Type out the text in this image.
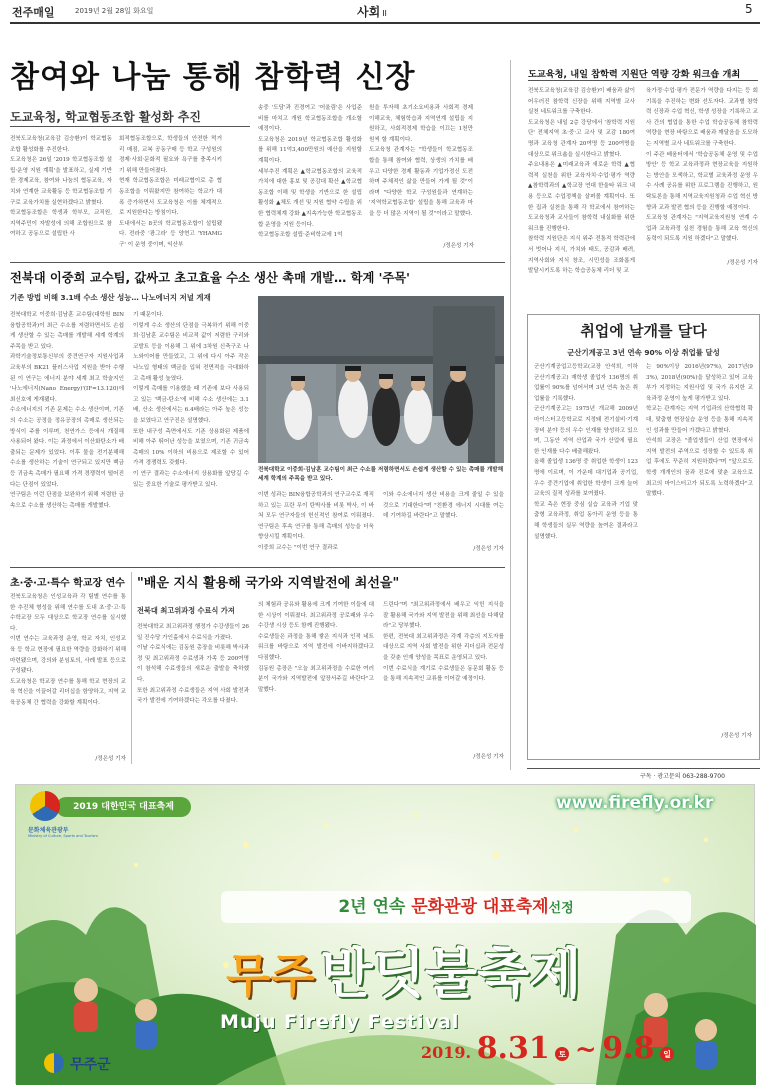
전주매일	2019년 2월 28일 화요일	사회 II	5
참여와 나눔 통해 참학력 신장
도교육청, 학교협동조합 활성화 추진
전북도교육청(교육감 김승환)이 학교협동조합 활성화를 추진한다.
도교육청은 26일 '2019 학교협동조합 설립·운영 지원 계획'을 발표하고, 실제 기반한 경제교육, 참여와 나눔의 협동교육, 자치와 연계한 교육활동 등 학교협동조합 기구로 교육가치를 실현하겠다고 밝혔다.
학교협동조합은 학생과 학부모, 교직원, 지역주민이 자발성에 의해 조합원으로 참여하고 공동으로 설립한 사
회적협동조합으로, 학생들의 안전한 먹거리 매점, 교복 공동구매 등 학교 구성원의 경제·사회·문화적 필요와 욕구를 충족시키기 위해 만들어졌다.
현재 학교협동조합은 미래교협이로 총 협동조합을 이뤄왔지만 참여하는 학교가 대폭 증가하면서 도교육청은 이를 체계적으로 지원한다는 방침이다.
도내에서는 8곳의 학교협동조합이 설립됐다. 전라중 '광그라' 등 양현고 'YHAMG구' 이 운영 중이며, 익산부
송중 '도담'과 진경여고 '어울림'은 사업준비를 마치고 개원 학교협동조합을 개소할 예정이다.
도교육청은 2019년 학교협동조합 활성화를 위해 11억3,400만원의 예산을 지원할 계획이다.
세부추진 계획은 ▲학교협동조합의 교육적 가치에 대한 홍보 및 공감대 확산 ▲학교협동조합 이해 및 학생을 기반으로 한 설립 활성화 ▲체도 개선 및 지원 협약 수립을 위한 협력체계 강화 ▲지속가능한 학교협동조합 운영을 지원 등이다.
학교협동조합 설립·준비학교에 1억
원을 투자해 초기소요비용과 사회적 경제 이해교육, 체험학습과 지역연계 설립을 지원하고, 사회적경제 학습을 이끄는 1천만원씩 할 계획이다.
도교육청 관계자는 "학생들이 학교협동조합을 통해 참여와 협력, 상생의 가치를 배우고 다양한 경제 활동과 기업가정신 도전하며 주체적인 삶을 만들어 가게 될 것"이라며 "다양한 학교 구성원들과 연계하는 '지역학교협동조합' 설립을 통해 교육과 마을 등 더 많은 지역이 될 것"이라고 말했다.
/정은성 기자
도교육청, 내일 참학력 지원단 역량 강화 워크숍 개최
전북도교육청(교육감 김승환)이 배움과 삶이 어우러진 참학력 신장을 위해 지역별 교사 실천 네트워크를 구축한다.
도교육청은 내일 2층 강당에서 '참학력 지원단' 전체지역 초·중·고 교사 및 교감 180여명과 교육청 관계자 20여명 등 200여명을 대상으로 위크숍을 실시한다고 밝혔다.
주요내용은 ▲미래교육과 새로운 학력 ▲협력적 실천을 위한 교육자치·수업·평가 역량 ▲참학력과의 ▲학교장 연대 한울타 워크 내용 등으로 수업정책을 살펴볼 계획이다. 또한 집과 실천을 통해 각 학교에서 참여하는 도교육청과 교사들이 참학력 내실화를 위한 워크를 진행한다.
참학력 지원단은 지식 위주 전통적 학력관에서 벗어나 지식, 가치와 태도, 공감과 배려, 지역사회와 지식 창조, 시민성을 조화롭게 발달시키도록 하는 학습공동체 리더 및 교
육가정·수업·평가 전문가 역량을 다지는 등 회기록을 추진하는 변화 선도자다. 교과별 참학력 신장과 수업 혁신, 학생 성장을 기록하고 교사 간의 협업을 통한 수업 학습공동체 참학력 역량을 현장 바탕으로 배움과 깨달음을 도모하는 지역별 교사 네트워크를 구축한다.
이 주관 배움터에서 '학습공동체 운영 및 수업 방안' 등 학교 교육과정과 현장교육을 지원하는 방안을 모색하고, 학교별 교육과정 운영 우수 사례 공유를 위한 프로그램을 진행하고, 원탁토론을 통해 지역교육지원청과 수업 혁신 방향과 교과 발전 협의 등을 진행할 예정이다.
도교육청 관계자는 "지역교육지원청 연계 수업과 교육과정 실천 경험을 통해 교육 혁신의 동력이 되도록 지원 하겠다"고 말했다.
/정은성 기자
전북대 이중희 교수팀, 값싸고 초고효율 수소 생산 촉매 개발… 학계 '주목'
기존 방법 비해 3.1배 수소 생산 성능… 나노에너지 저널 게재
전북대학교 이중희·김남훈 교수팀(대학원 BIN융합공학과)이 최근 수소를 저렴하면서도 손쉽게 생산할 수 있는 촉매를 개발해 세계 학계의 주목을 받고 있다.
과학기술정보통신부의 중견연구자 지원사업과 교육부의 BK21 플러스사업 지원을 받아 수행된 이 연구는 에너지 분야 세계 최고 학술지인 '나노에너지(Nano Energy)'(IF=13.120)에 최신호에 게재됐다.
수소에너지의 기존 문제는 수소 생산이며, 기존의 수소는 공정을 정유공장의 촉매로 생산되는 방식이 주를 이루며, 천연가스 등에서 개질해 사용되어 왔다. 이는 과정에서 이산화탄소가 배출되는 문제가 있었다. 이후 물을 전기분해해 수소를 생산하는 기술이 연구되고 있지만 백금 등 귀금속 촉매가 필요해 가격 경쟁력이 떨어진다는 단점이 있었다.
연구팀은 이런 단점을 보완하기 위해 저렴한 금속으로 수소를 생산하는 촉매를 개발했다.
기 때문이다.
이렇게 수소 생산의 단점을 극복하기 위해 이중희·김남훈 교수팀은 비교적 값이 저렴한 구리와 코발트 등을 이용해 그 위에 3차원 신축구조 나노와이어를 만들었고, 그 위에 다시 아주 작은 나노입 형태의 백금을 입혀 전면적을 극대화하고 촉매 활성 높였다.
이렇게 촉매를 이용했을 때 기존에 보다 사용되고 있는 '백금-탄소'에 비해 수소 생산에는 3.1배, 산소 생산에서는 6.4배라는 아주 높은 성능을 보였다고 연구진은 설명했다.
또한 내구성 측면에서도 기존 상용화된 제품에 비해 아주 뛰어난 성능을 보였으며, 기존 귀금속 촉매의 10% 이하의 비용으로 제조할 수 있어 가격 경쟁력도 갖췄다.
이 연구 결과는 수소에너지 상용화를 앞당길 수 있는 중요한 기술로 평가받고 있다.
전북대학교 이중희·김남훈 교수팀이 최근 수소를 저렴하면서도 손쉽게 생산할 수 있는 촉매를 개발해 세계 학계의 주목을 받고 있다.
이번 성과는 BIN융합공학과의 연구교수로 재직하고 있는 프란 무이 탄박사를 비롯 박사, 이 바쳐 모두 연구자들의 헌신적인 참여로 이뤄졌다. 연구팀은 후속 연구를 통해 촉매의 성능을 더욱 향상시킬 계획이다.
이중희 교수는 "이번 연구 결과로
이와 수소에너지 생산 비용을 크게 줄일 수 있을 것으로 기대한다"며 "친환경 에너지 시대를 여는 데 기여하길 바란다"고 말했다.
/정은성 기자
취업에 날개를 달다
군산기계공고 3년 연속 90% 이상 취업률 달성
군산기계공업고등학교(교장 안석희, 이하 군산기계공고) 재학생 졸업자 136명의 취업률이 90%를 넘어서며 3년 연속 높은 취업률을 기록했다.
군산기계공고는 1975년 개교해 2009년 마이스터고등학교로 지정돼 전기설비·기계장비 분야 등의 우수 인재를 양성하고 있으며, 그동안 지역 산업과 국가 산업에 필요한 인재를 다수 배출해왔다.
올해 졸업생 136명 중 취업한 학생이 123명에 이르며, 이 가운데 대기업과 공기업, 우수 중견기업에 취업한 학생이 크게 늘어 교육의 질적 성과를 보여줬다.
학교 측은 현장 중심 실습 교육과 기업 맞춤형 교육과정, 취업 동아리 운영 등을 통해 학생들의 실무 역량을 높여온 결과라고 설명했다.
는 90%이상 2016년(97%), 2017년(93%), 2018년(90%)을 달성하고 있어 교육부가 지정하는 지원사업 및 국가 유지한 교육과정 운영이 높게 평가받고 있다.
학교는 관계자는 지역 기업과의 산학협력 확대, 맞춤형 현장실습 운영 등을 통해 지속적인 성과를 만들어 가겠다고 밝혔다.
안석희 교장은 "졸업생들이 산업 현장에서 지역 발전의 주역으로 성장할 수 있도록 취업 후에도 꾸준히 지원하겠다"며 "앞으로도 학생 개개인의 꿈과 진로에 맞춘 교육으로 최고의 마이스터고가 되도록 노력하겠다"고 말했다.
/정은성 기자
초·중·고·특수 학교장 연수
전북도교육청은 인성교육과 각 팀별 연수를 통한 추진체 형성을 위해 연수를 도내 초·중·고·특수학교장 모두 대상으로 학교장 연수를 실시했다.
이번 연수는 교육과정 운영, 학교 자치, 인성교육 등 학교 현장에 필요한 역량을 강화하기 위해 마련됐으며, 강의와 분임토의, 사례 발표 등으로 구성됐다.
도교육청은 학교장 연수를 통해 학교 현장의 교육 혁신을 이끌어갈 리더십을 함양하고, 지역 교육공동체 간 협력을 강화할 계획이다.
/정은성 기자
"배운 지식 활용해 국가와 지역발전에 최선을"
전북대 최고위과정 수료식 가져
전북대학교 최고위과정 행정가 수강생들이 26일 진수당 가인홀에서 수료식을 가졌다.
이날 수료식에는 김동원 총장을 비롯해 박사과정 및 최고위과정 수료생과 가족 등 200여명이 참석해 수료생들의 새로운 출발을 축하했다.
또한 최고위과정 수료생들은 지역 사회 발전과 국가 발전에 기여하겠다는 각오를 다졌다.
의 체험과 공유와 활용에 크게 기여한 이들에 대한 시상이 이뤄졌다. 최고위과정 공로패와 우수 수강생 시상 등도 함께 진행됐다.
수료생들은 과정을 통해 쌓은 지식과 인적 네트워크를 바탕으로 지역 발전에 이바지하겠다고 다짐했다.
김동원 총장은 "오늘 최고위과정을 수료한 여러분이 국가와 지역발전에 앞장서주길 바란다"고 말했다.
드린다"며 "최고위과정에서 배우고 익힌 지식을 잘 활용해 국가와 지역 발전을 위해 최선을 다해달라"고 당부했다.
한편, 전북대 최고위과정은 각계 각층의 지도자를 대상으로 지역 사회 발전을 위한 리더십과 전문성을 갖춘 인재 양성을 목표로 운영되고 있다.
이번 수료식을 계기로 수료생들은 동문회 활동 등을 통해 지속적인 교류를 이어갈 예정이다.
/정은성 기자
구독 · 광고문의 063-288-9700
2019 대한민국 대표축제
문화체육관광부
Ministry of Culture, Sports and Tourism
www.firefly.or.kr
2년 연속 문화관광 대표축제선정
무주 반딧불축제
Muju Firefly Festival
2019. 8.31 토 ~ 9.8 일
무주군
